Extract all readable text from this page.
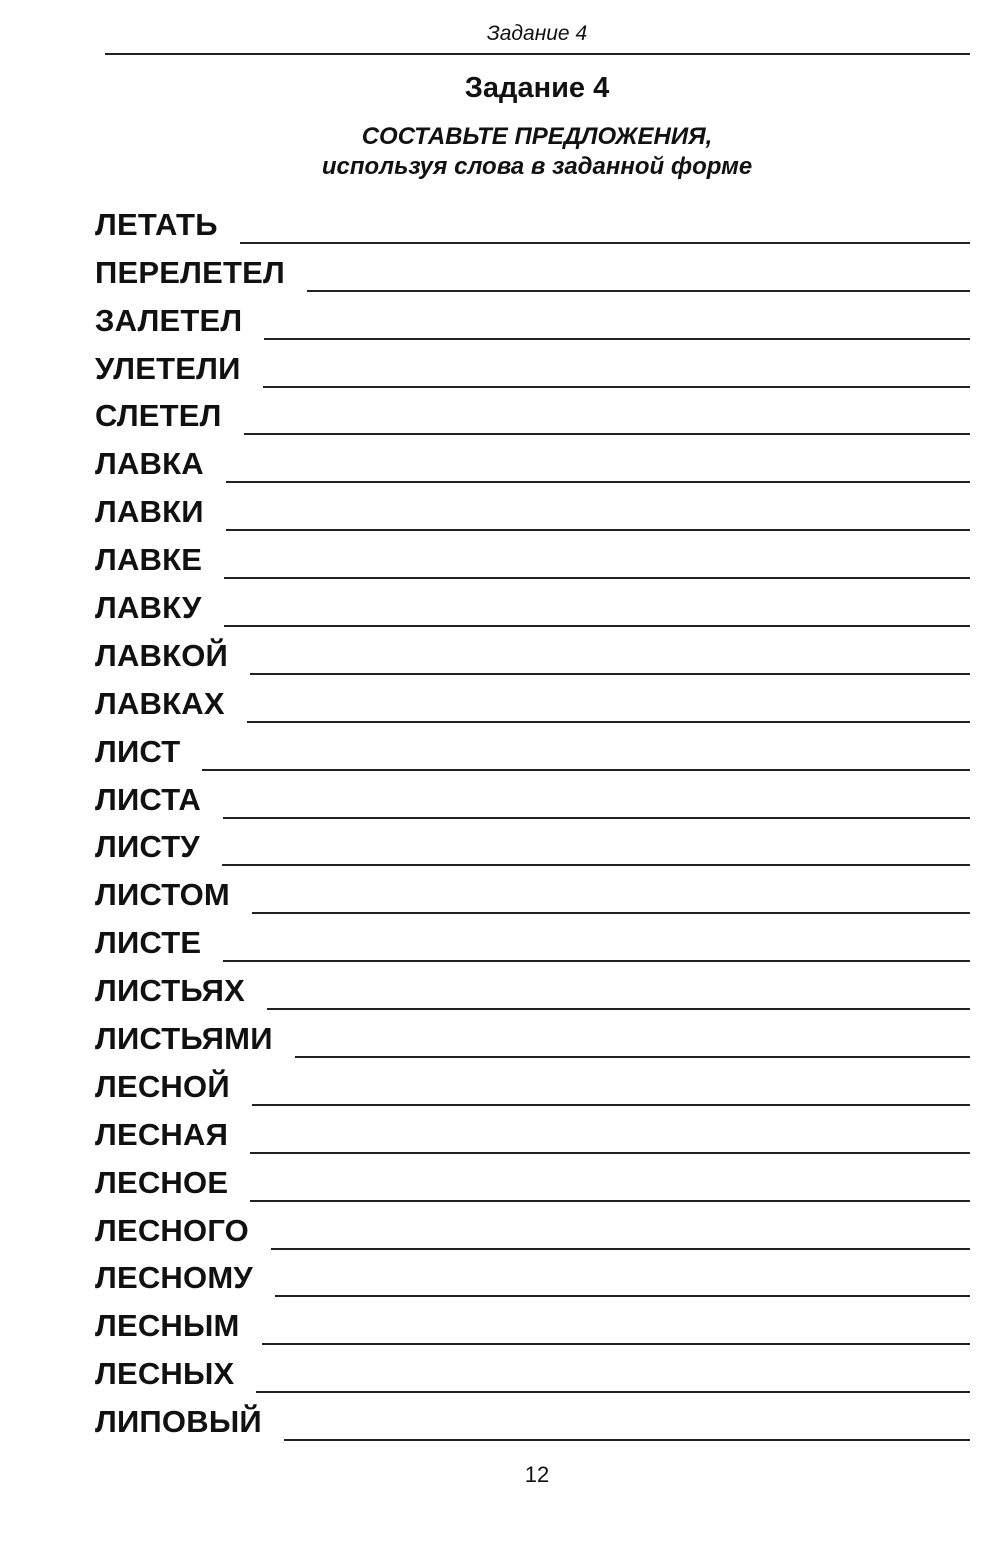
Задание 4
Задание 4
СОСТАВЬТЕ ПРЕДЛОЖЕНИЯ,
используя слова в заданной форме
ЛЕТАТЬ
ПЕРЕЛЕТЕЛ
ЗАЛЕТЕЛ
УЛЕТЕЛИ
СЛЕТЕЛ
ЛАВКА
ЛАВКИ
ЛАВКЕ
ЛАВКУ
ЛАВКОЙ
ЛАВКАХ
ЛИСТ
ЛИСТА
ЛИСТУ
ЛИСТОМ
ЛИСТЕ
ЛИСТЬЯХ
ЛИСТЬЯМИ
ЛЕСНОЙ
ЛЕСНАЯ
ЛЕСНОЕ
ЛЕСНОГО
ЛЕСНОМУ
ЛЕСНЫМ
ЛЕСНЫХ
ЛИПОВЫЙ
12
